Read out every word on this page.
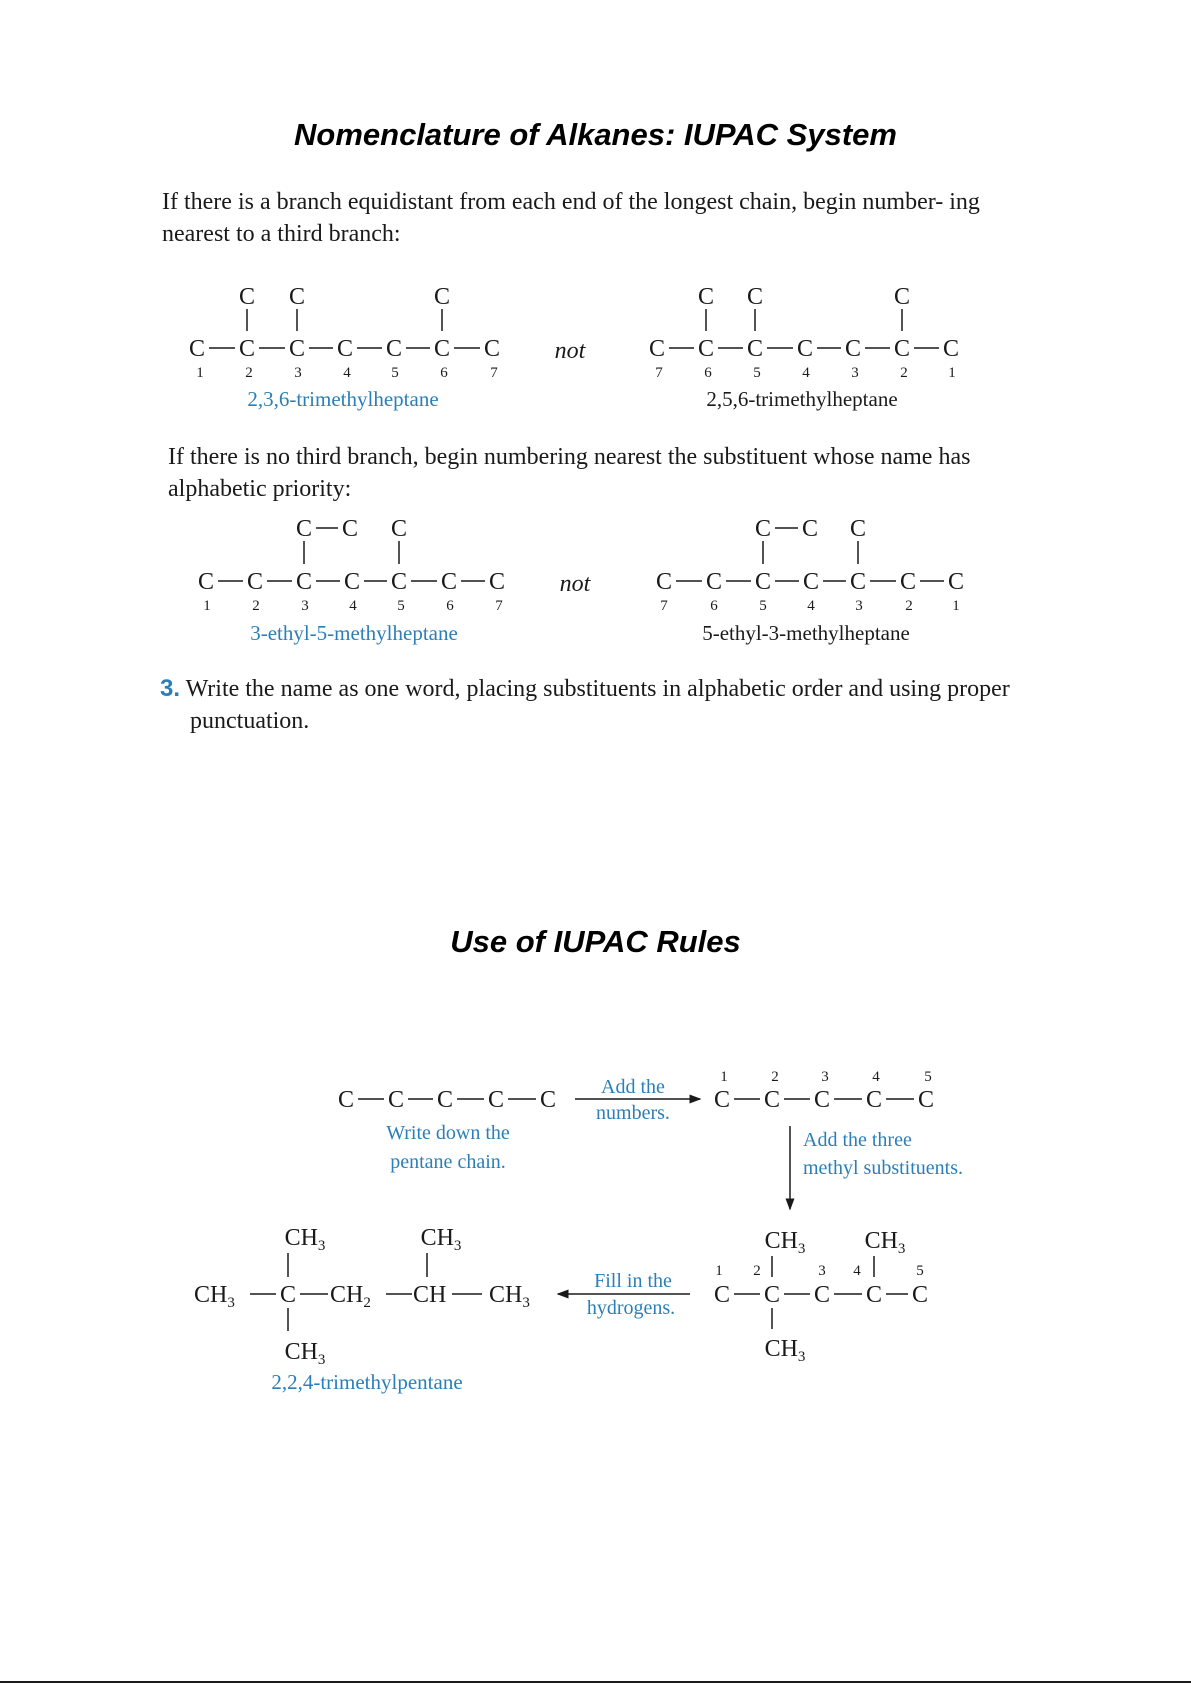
Nomenclature of Alkanes: IUPAC System

If there is a branch equidistant from each end of the longest chain, begin number- ing nearest to a third branch:

C C	C
C C C C C C C
1	2	3	4	5	6	7
2,3,6-trimethylheptane
not
C C	C
C C C C C C C
7	6	5	4	3	2	1
2,5,6-trimethylheptane

If there is no third branch, begin numbering nearest the substituent whose name has alphabetic priority:

C C C
C C C C C C C
1	2	3	4	5	6	7
3-ethyl-5-methylheptane
not
C C C
C C C C C C C
7	6	5	4	3	2	1
5-ethyl-3-methylheptane

3. Write the name as one word, placing substituents in alphabetic order and using proper punctuation.

Use of IUPAC Rules
C C C C C
Write down the
pentane chain.
Add the
numbers.
1	2	3	4	5
C C C C C
Add the three
methyl substituents.
$CH_3$ $CH_3$
1 2	3 4	5
C C C C C
$CH_3$
Fill in the
hydrogens.
$CH_3$	$CH_3$
$CH_3$ C $CH_2$ CH $CH_3$
$CH_3$
2,2,4-trimethylpentane
